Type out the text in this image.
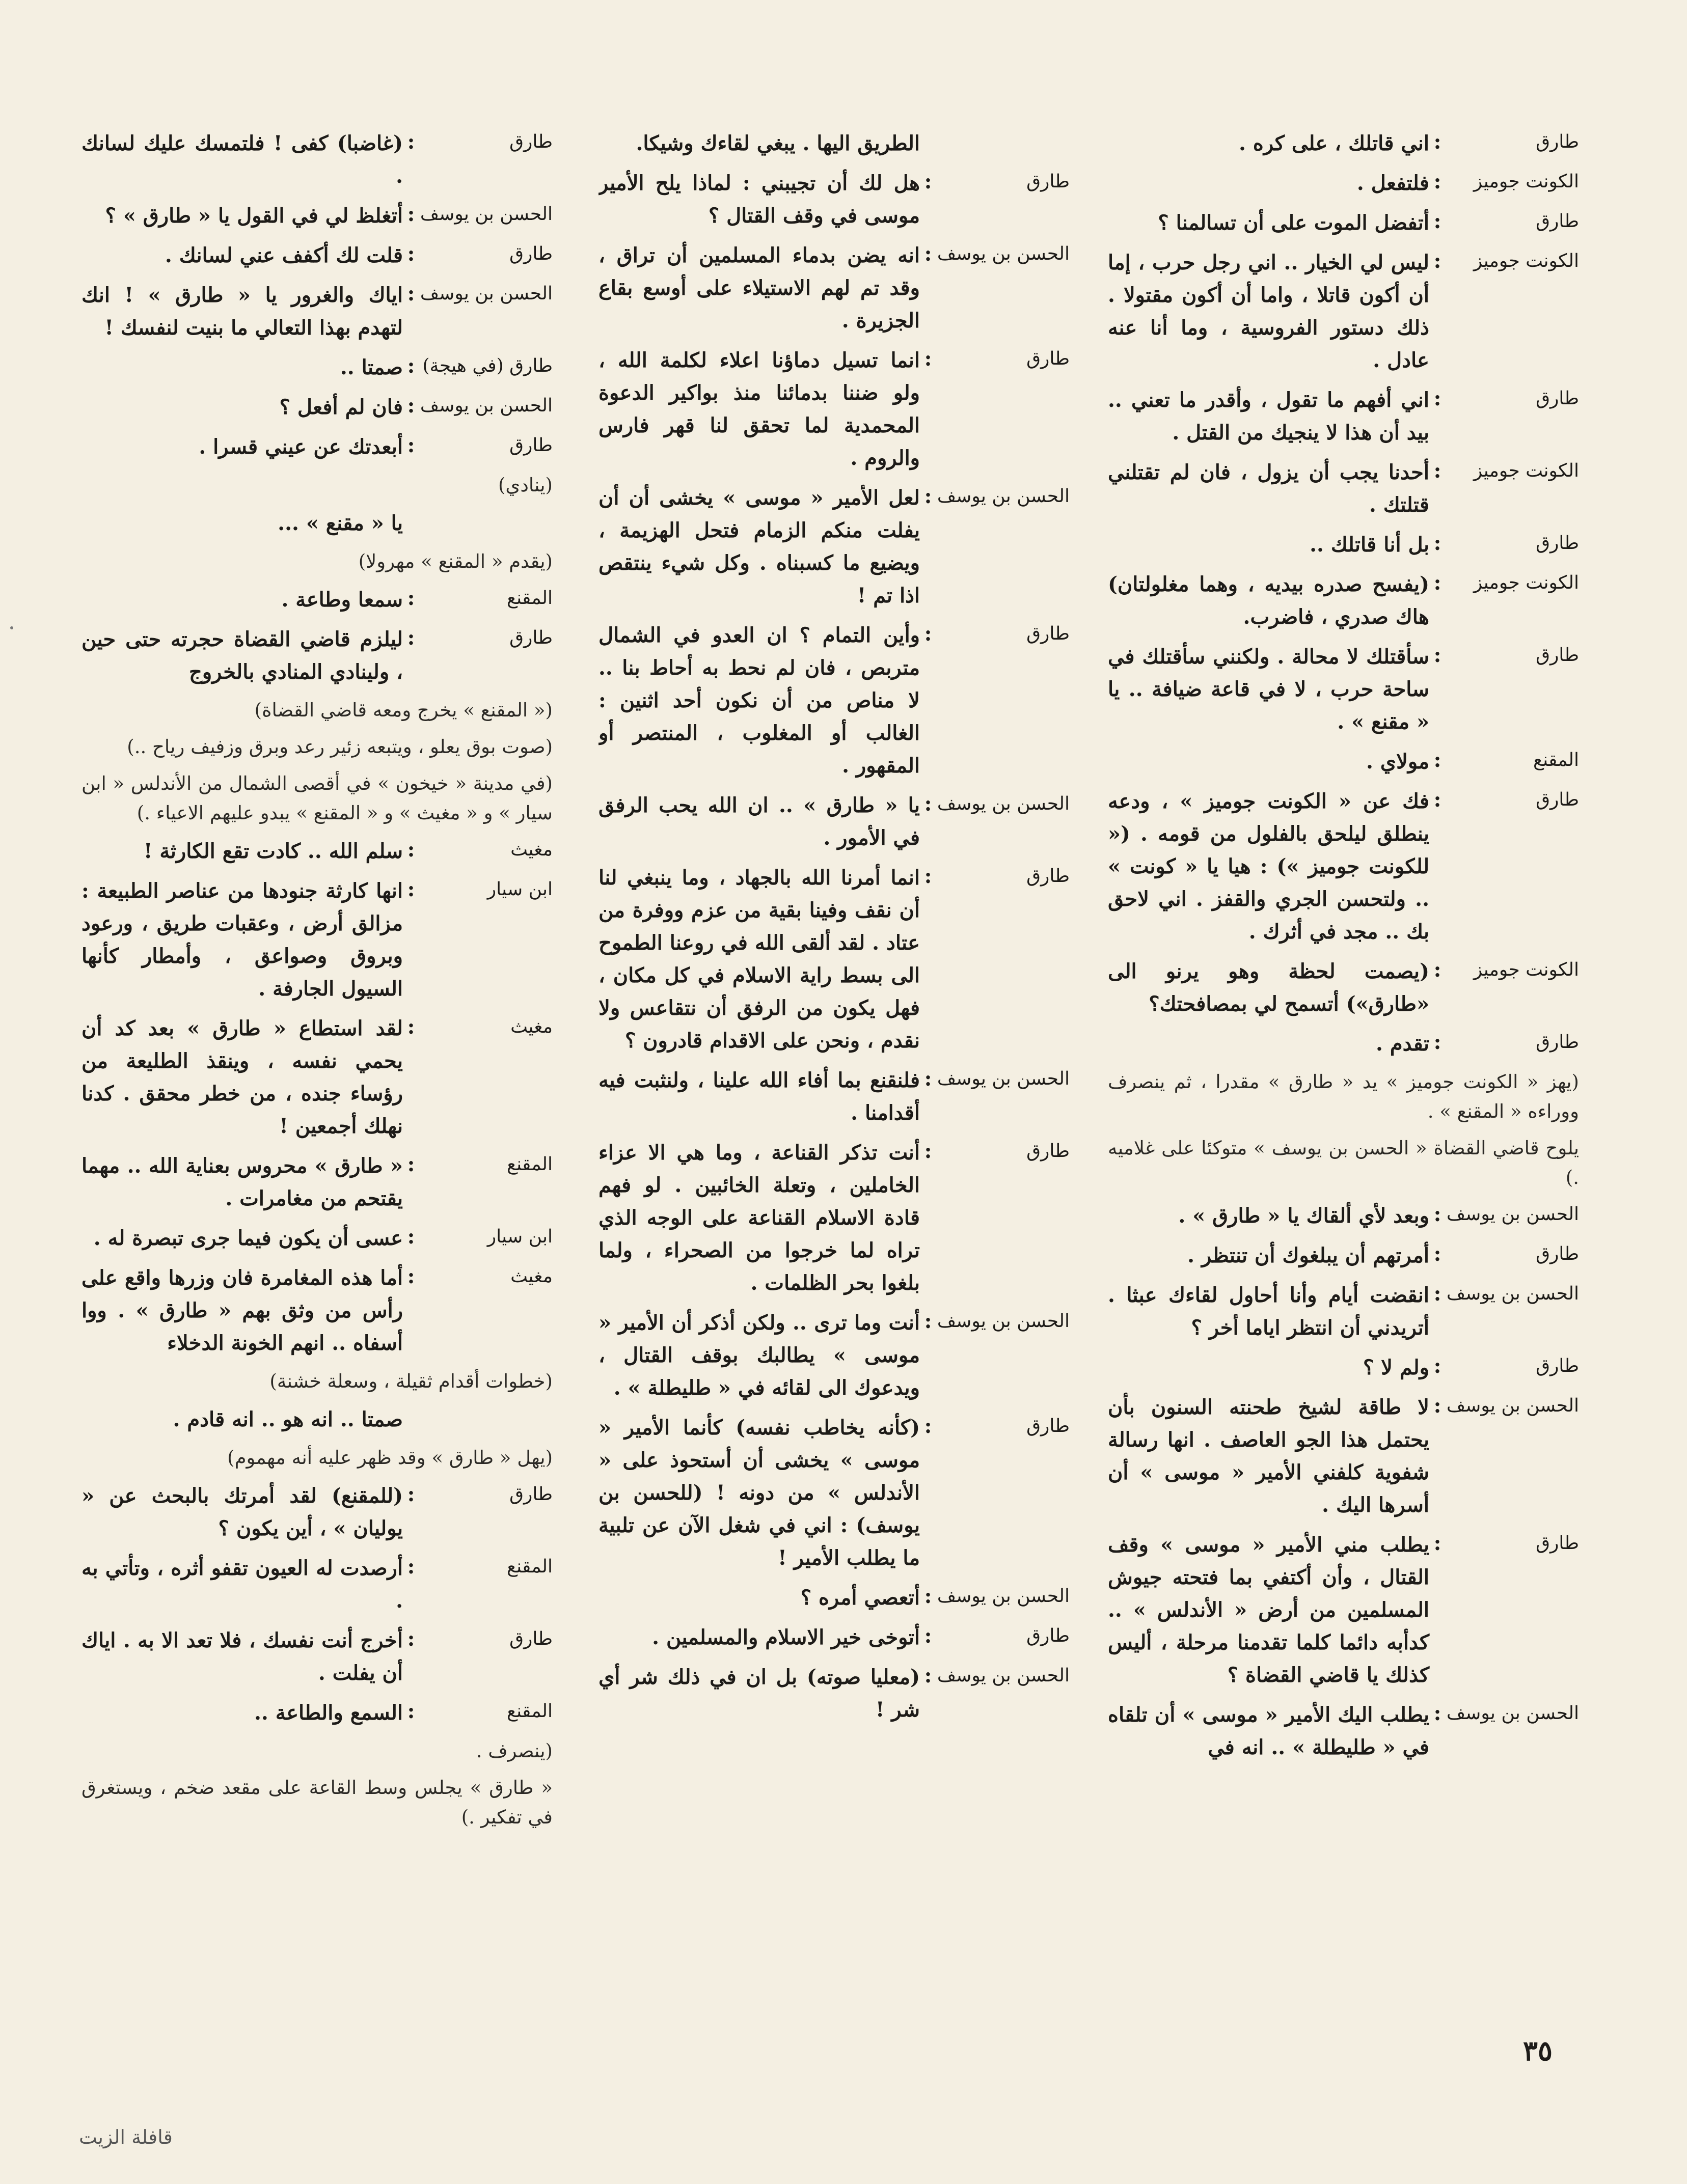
طارق
:
اني قاتلك ، على كره .
الكونت جوميز
:
فلتفعل .
طارق
:
أتفضل الموت على أن تسالمنا ؟
الكونت جوميز
:
ليس لي الخيار .. اني رجل حرب ، إما أن أكون قاتلا ، واما أن أكون مقتولا . ذلك دستور الفروسية ، وما أنا عنه عادل .
طارق
:
اني أفهم ما تقول ، وأقدر ما تعني .. بيد أن هذا لا ينجيك من القتل .
الكونت جوميز
:
أحدنا يجب أن يزول ، فان لم تقتلني قتلتك .
طارق
:
بل أنا قاتلك ..
الكونت جوميز
:
(يفسح صدره بيديه ، وهما مغلولتان) هاك صدري ، فاضرب.
طارق
:
سأقتلك لا محالة . ولكنني سأقتلك في ساحة حرب ، لا في قاعة ضيافة .. يا « مقنع » .
المقنع
:
مولاي .
طارق
:
فك عن « الكونت جوميز » ، ودعه ينطلق ليلحق بالفلول من قومه . (« للكونت جوميز ») : هيا يا « كونت » .. ولتحسن الجري والقفز . اني لاحق بك .. مجد في أثرك .
الكونت جوميز
:
(يصمت لحظة وهو يرنو الى «طارق») أتسمح لي بمصافحتك؟
طارق
:
تقدم .
(يهز « الكونت جوميز » يد « طارق » مقدرا ، ثم ينصرف ووراءه « المقنع » .
يلوح قاضي القضاة « الحسن بن يوسف » متوكئا على غلاميه .)
الحسن بن يوسف
:
وبعد لأي ألقاك يا « طارق » .
طارق
:
أمرتهم أن يبلغوك أن تنتظر .
الحسن بن يوسف
:
انقضت أيام وأنا أحاول لقاءك عبثا . أتريدني أن انتظر اياما أخر ؟
طارق
:
ولم لا ؟
الحسن بن يوسف
:
لا طاقة لشيخ طحنته السنون بأن يحتمل هذا الجو العاصف . انها رسالة شفوية كلفني الأمير « موسى » أن أسرها اليك .
طارق
:
يطلب مني الأمير « موسى » وقف القتال ، وأن أكتفي بما فتحته جيوش المسلمين من أرض « الأندلس » .. كدأبه دائما كلما تقدمنا مرحلة ، أليس كذلك يا قاضي القضاة ؟
الحسن بن يوسف
:
يطلب اليك الأمير « موسى » أن تلقاه في « طليطلة » .. انه في
الطريق اليها . يبغي لقاءك وشيكا.
طارق
:
هل لك أن تجيبني : لماذا يلح الأمير موسى في وقف القتال ؟
الحسن بن يوسف
:
انه يضن بدماء المسلمين أن تراق ، وقد تم لهم الاستيلاء على أوسع بقاع الجزيرة .
طارق
:
انما تسيل دماؤنا اعلاء لكلمة الله ، ولو ضننا بدمائنا منذ بواكير الدعوة المحمدية لما تحقق لنا قهر فارس والروم .
الحسن بن يوسف
:
لعل الأمير « موسى » يخشى أن أن يفلت منكم الزمام فتحل الهزيمة ، ويضيع ما كسبناه . وكل شيء ينتقص اذا تم !
طارق
:
وأين التمام ؟ ان العدو في الشمال متربص ، فان لم نحط به أحاط بنا .. لا مناص من أن نكون أحد اثنين : الغالب أو المغلوب ، المنتصر أو المقهور .
الحسن بن يوسف
:
يا « طارق » .. ان الله يحب الرفق في الأمور .
طارق
:
انما أمرنا الله بالجهاد ، وما ينبغي لنا أن نقف وفينا بقية من عزم ووفرة من عتاد . لقد ألقى الله في روعنا الطموح الى بسط راية الاسلام في كل مكان ، فهل يكون من الرفق أن نتقاعس ولا نقدم ، ونحن على الاقدام قادرون ؟
الحسن بن يوسف
:
فلنقنع بما أفاء الله علينا ، ولنثبت فيه أقدامنا .
طارق
:
أنت تذكر القناعة ، وما هي الا عزاء الخاملين ، وتعلة الخائبين . لو فهم قادة الاسلام القناعة على الوجه الذي تراه لما خرجوا من الصحراء ، ولما بلغوا بحر الظلمات .
الحسن بن يوسف
:
أنت وما ترى .. ولكن أذكر أن الأمير « موسى » يطالبك بوقف القتال ، ويدعوك الى لقائه في « طليطلة » .
طارق
:
(كأنه يخاطب نفسه) كأنما الأمير « موسى » يخشى أن أستحوذ على « الأندلس » من دونه ! (للحسن بن يوسف) : اني في شغل الآن عن تلبية ما يطلب الأمير !
الحسن بن يوسف
:
أتعصي أمره ؟
طارق
:
أتوخى خير الاسلام والمسلمين .
الحسن بن يوسف
:
(معليا صوته) بل ان في ذلك شر أي شر !
طارق
:
(غاضبا) كفى ! فلتمسك عليك لسانك .
الحسن بن يوسف
:
أتغلظ لي في القول يا « طارق » ؟
طارق
:
قلت لك أكفف عني لسانك .
الحسن بن يوسف
:
اياك والغرور يا « طارق » ! انك لتهدم بهذا التعالي ما بنيت لنفسك !
طارق (في هيجة)
:
صمتا ..
الحسن بن يوسف
:
فان لم أفعل ؟
طارق
:
أبعدتك عن عيني قسرا .
(ينادي)
يا « مقنع » ...
(يقدم « المقنع » مهرولا)
المقنع
:
سمعا وطاعة .
طارق
:
ليلزم قاضي القضاة حجرته حتى حين ، ولينادي المنادي بالخروج
(« المقنع » يخرج ومعه قاضي القضاة)
(صوت بوق يعلو ، ويتبعه زئير رعد وبرق وزفيف رياح ..)
(في مدينة « خيخون » في أقصى الشمال من الأندلس « ابن سيار » و « مغيث » و « المقنع » يبدو عليهم الاعياء .)
مغيث
:
سلم الله .. كادت تقع الكارثة !
ابن سيار
:
انها كارثة جنودها من عناصر الطبيعة : مزالق أرض ، وعقبات طريق ، ورعود وبروق وصواعق ، وأمطار كأنها السيول الجارفة .
مغيث
:
لقد استطاع « طارق » بعد كد أن يحمي نفسه ، وينقذ الطليعة من رؤساء جنده ، من خطر محقق . كدنا نهلك أجمعين !
المقنع
:
« طارق » محروس بعناية الله .. مهما يقتحم من مغامرات .
ابن سيار
:
عسى أن يكون فيما جرى تبصرة له .
مغيث
:
أما هذه المغامرة فان وزرها واقع على رأس من وثق بهم « طارق » . ووا أسفاه .. انهم الخونة الدخلاء
(خطوات أقدام ثقيلة ، وسعلة خشنة)
صمتا .. انه هو .. انه قادم .
(يهل « طارق » وقد ظهر عليه أنه مهموم)
طارق
:
(للمقنع) لقد أمرتك بالبحث عن « يوليان » ، أين يكون ؟
المقنع
:
أرصدت له العيون تقفو أثره ، وتأتي به .
طارق
:
أخرج أنت نفسك ، فلا تعد الا به . اياك أن يفلت .
المقنع
:
السمع والطاعة ..
(ينصرف .
« طارق » يجلس وسط القاعة على مقعد ضخم ، ويستغرق في تفكير .)
٣٥
قافلة الزيت
